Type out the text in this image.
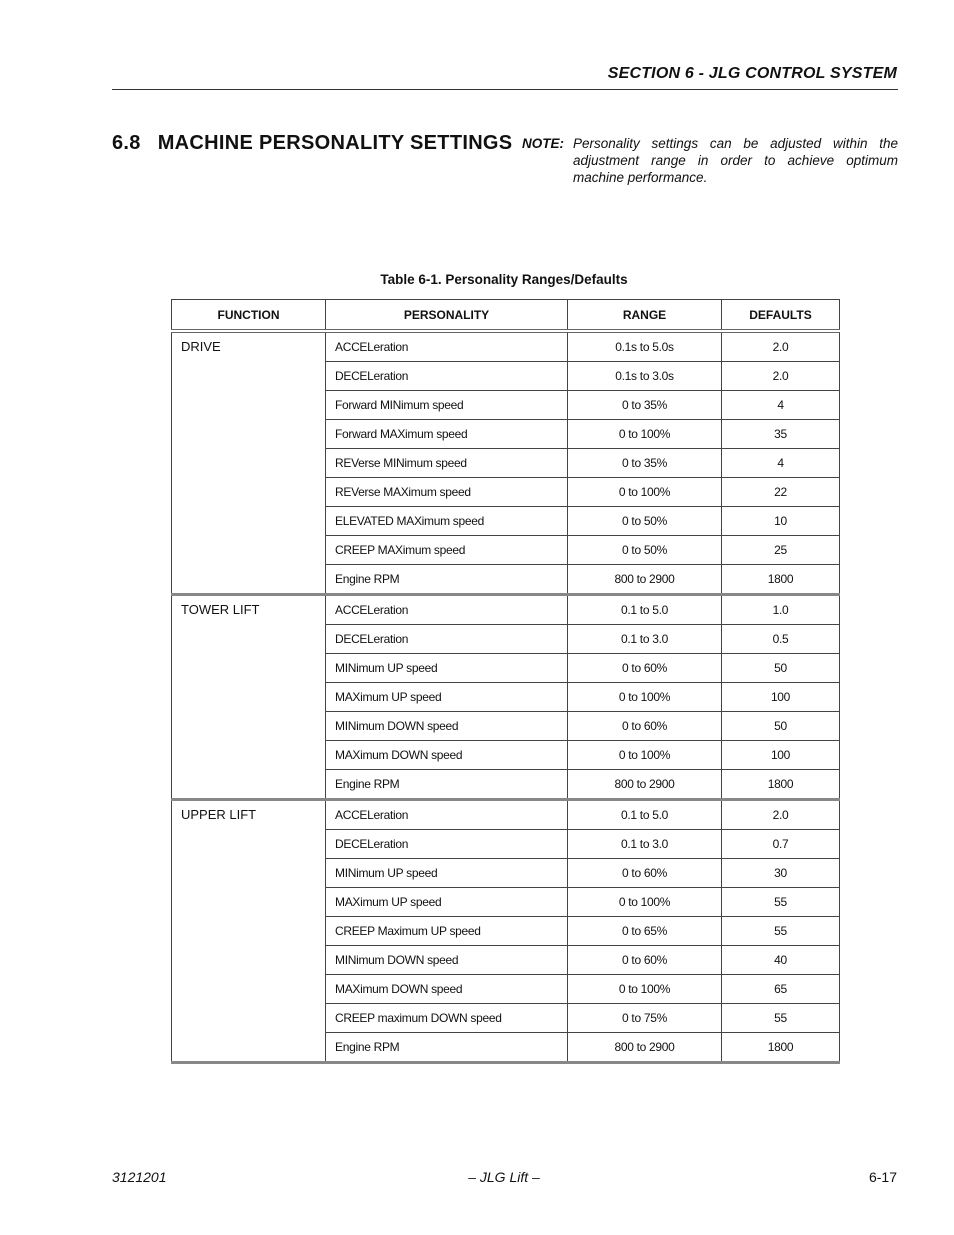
SECTION 6 - JLG CONTROL SYSTEM
6.8 MACHINE PERSONALITY SETTINGS NOTE: Personality settings can be adjusted within the adjustment range in order to achieve optimum machine performance.
Table 6-1. Personality Ranges/Defaults
FUNCTION	PERSONALITY	RANGE	DEFAULTS
DRIVE	ACCELeration	0.1s to 5.0s	2.0
	DECELeration	0.1s to 3.0s	2.0
	Forward MINimum speed	0 to 35%	4
	Forward MAXimum speed	0 to 100%	35
	REVerse MINimum speed	0 to 35%	4
	REVerse MAXimum speed	0 to 100%	22
	ELEVATED MAXimum speed	0 to 50%	10
	CREEP MAXimum speed	0 to 50%	25
	Engine RPM	800 to 2900	1800
TOWER LIFT	ACCELeration	0.1 to 5.0	1.0
	DECELeration	0.1 to 3.0	0.5
	MINimum UP speed	0 to 60%	50
	MAXimum UP speed	0 to 100%	100
	MINimum DOWN speed	0 to 60%	50
	MAXimum DOWN speed	0 to 100%	100
	Engine RPM	800 to 2900	1800
UPPER LIFT	ACCELeration	0.1 to 5.0	2.0
	DECELeration	0.1 to 3.0	0.7
	MINimum UP speed	0 to 60%	30
	MAXimum UP speed	0 to 100%	55
	CREEP Maximum UP speed	0 to 65%	55
	MINimum DOWN speed	0 to 60%	40
	MAXimum DOWN speed	0 to 100%	65
	CREEP maximum DOWN speed	0 to 75%	55
	Engine RPM	800 to 2900	1800
3121201	– JLG Lift –	6-17
